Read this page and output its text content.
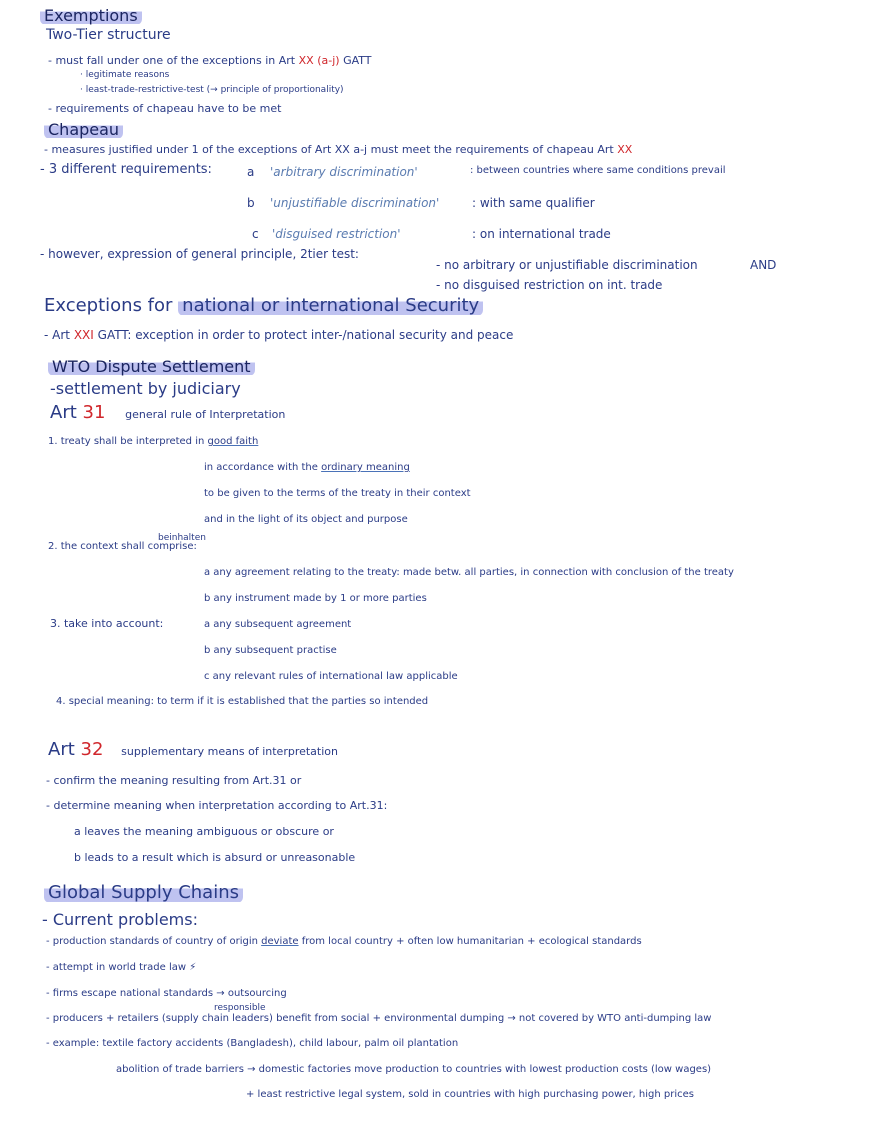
Exemptions
Two-Tier structure
- must fall under one of the exceptions in Art XX (a-j) GATT
· legitimate reasons
· least-trade-restrictive-test (→ principle of proportionality)
- requirements of chapeau have to be met
Chapeau
- measures justified under 1 of the exceptions of Art XX a-j must meet the requirements of chapeau Art XX
- 3 different requirements:	a 'arbitrary discrimination'	: between countries where same conditions prevail
b 'unjustifiable discrimination'	: with same qualifier
c 'disguised restriction'	: on international trade
- however, expression of general principle, 2tier test:
- no arbitrary or unjustifiable discrimination	AND
- no disguised restriction on int. trade
Exceptions for national or international Security
- Art XXI GATT: exception in order to protect inter-/national security and peace
WTO Dispute Settlement
-settlement by judiciary
Art 31 general rule of Interpretation
1. treaty shall be interpreted in good faith
in accordance with the ordinary meaning
to be given to the terms of the treaty in their context
and in the light of its object and purpose
beinhalten
2. the context shall comprise:
a any agreement relating to the treaty: made betw. all parties, in connection with conclusion of the treaty
b any instrument made by 1 or more parties
3. take into account:	a any subsequent agreement
b any subsequent practise
c any relevant rules of international law applicable
4. special meaning: to term if it is established that the parties so intended
Art 32 supplementary means of interpretation
- confirm the meaning resulting from Art.31 or
- determine meaning when interpretation according to Art.31:
a leaves the meaning ambiguous or obscure or
b leads to a result which is absurd or unreasonable
Global Supply Chains
- Current problems:
- production standards of country of origin deviate from local country + often low humanitarian + ecological standards
- attempt in world trade law ⚡
- firms escape national standards → outsourcing
responsible
- producers + retailers (supply chain leaders) benefit from social + environmental dumping → not covered by WTO anti-dumping law
- example: textile factory accidents (Bangladesh), child labour, palm oil plantation
abolition of trade barriers → domestic factories move production to countries with lowest production costs (low wages)
+ least restrictive legal system, sold in countries with high purchasing power, high prices
